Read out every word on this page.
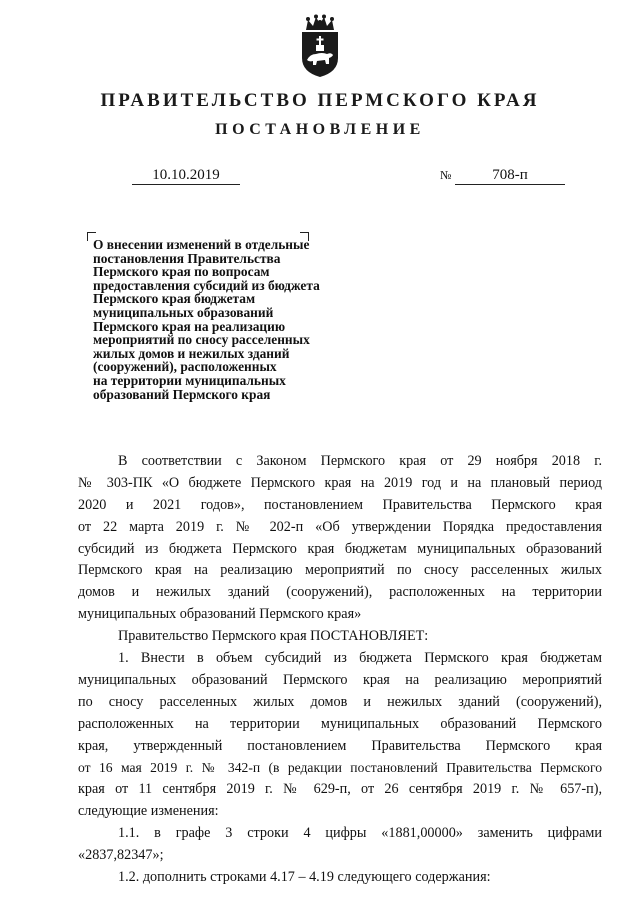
ПРАВИТЕЛЬСТВО ПЕРМСКОГО КРАЯ
ПОСТАНОВЛЕНИЕ
10.10.2019	№	708-п
О внесении изменений в отдельные
постановления Правительства
Пермского края по вопросам
предоставления субсидий из бюджета
Пермского края бюджетам
муниципальных образований
Пермского края на реализацию
мероприятий по сносу расселенных
жилых домов и нежилых зданий
(сооружений), расположенных
на территории муниципальных
образований Пермского края
В соответствии с Законом Пермского края от 29 ноября 2018 г.
№ 303-ПК «О бюджете Пермского края на 2019 год и на плановый период
2020 и 2021 годов», постановлением Правительства Пермского края
от 22 марта 2019 г. № 202-п «Об утверждении Порядка предоставления
субсидий из бюджета Пермского края бюджетам муниципальных образований
Пермского края на реализацию мероприятий по сносу расселенных жилых
домов и нежилых зданий (сооружений), расположенных на территории
муниципальных образований Пермского края»
Правительство Пермского края ПОСТАНОВЛЯЕТ:
1. Внести в объем субсидий из бюджета Пермского края бюджетам
муниципальных образований Пермского края на реализацию мероприятий
по сносу расселенных жилых домов и нежилых зданий (сооружений),
расположенных на территории муниципальных образований Пермского
края, утвержденный постановлением Правительства Пермского края
от 16 мая 2019 г. № 342-п (в редакции постановлений Правительства Пермского
края от 11 сентября 2019 г. № 629-п, от 26 сентября 2019 г. № 657-п),
следующие изменения:
1.1. в графе 3 строки 4 цифры «1881,00000» заменить цифрами
«2837,82347»;
1.2. дополнить строками 4.17 – 4.19 следующего содержания:
